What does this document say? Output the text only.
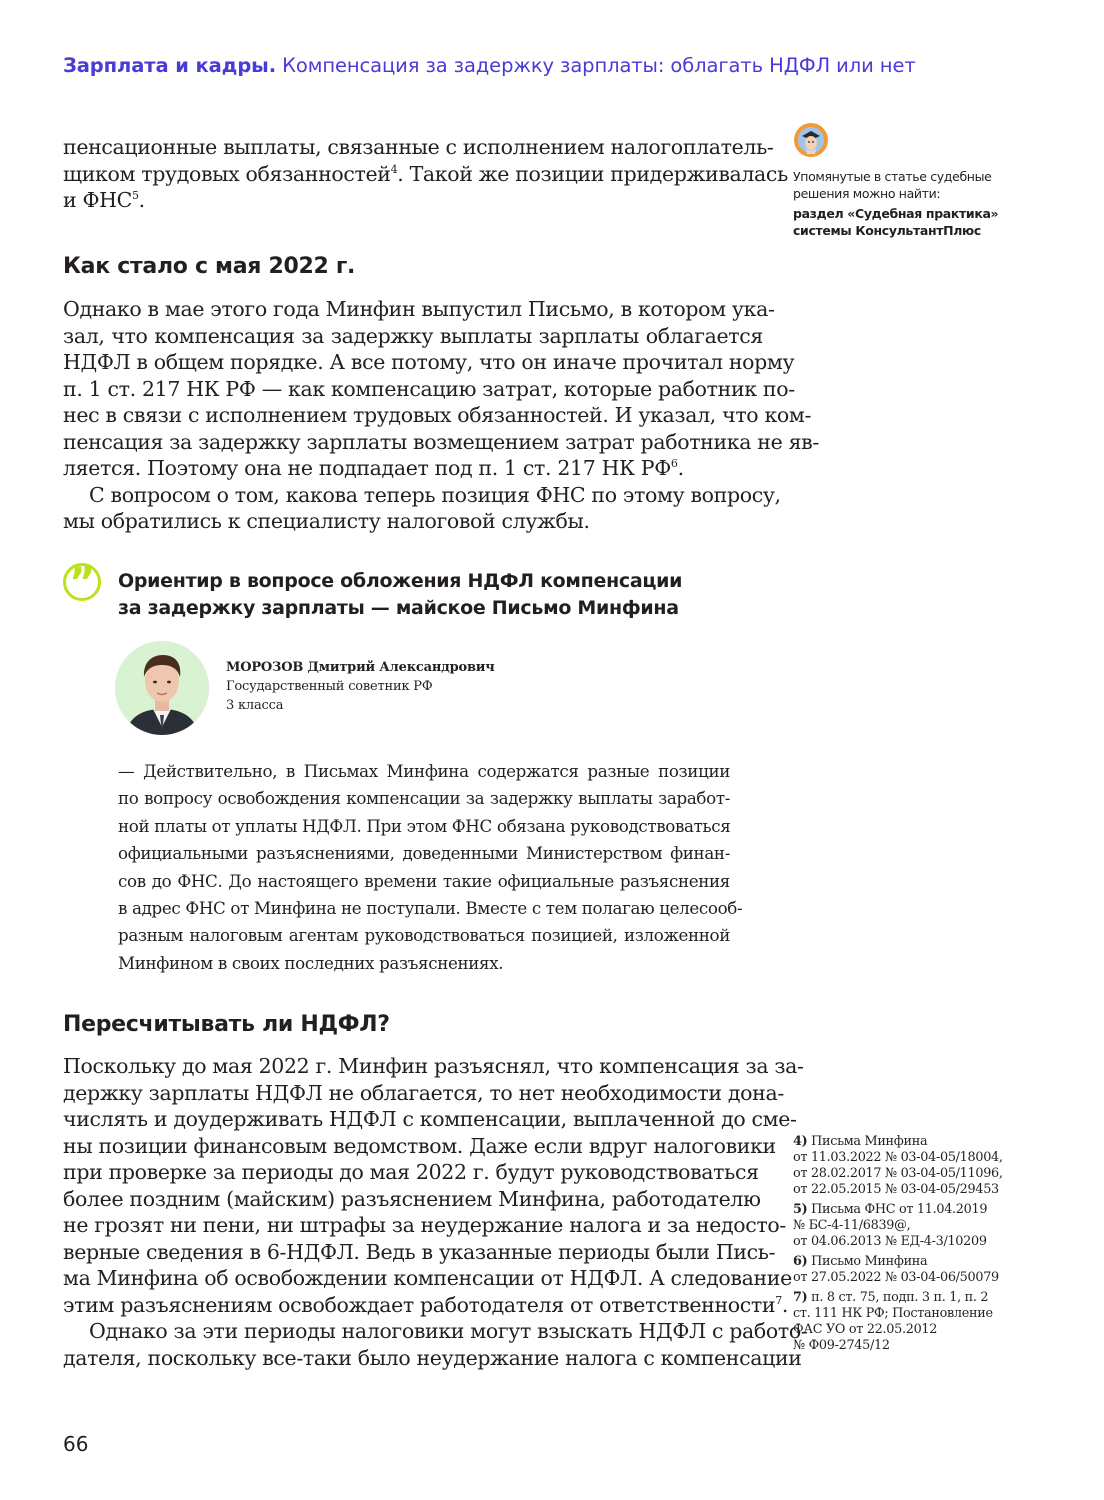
Зарплата и кадры. Компенсация за задержку зарплаты: облагать НДФЛ или нет
пенсационные выплаты, связанные с исполнением налогоплатель-
щиком трудовых обязанностей$^4$. Такой же позиции придерживалась
и ФНС$^5$.
Как стало с мая 2022 г.
Однако в мае этого года Минфин выпустил Письмо, в котором ука-
зал, что компенсация за задержку выплаты зарплаты облагается
НДФЛ в общем порядке. А все потому, что он иначе прочитал норму
п. 1 ст. 217 НК РФ — как компенсацию затрат, которые работник по-
нес в связи с исполнением трудовых обязанностей. И указал, что ком-
пенсация за задержку зарплаты возмещением затрат работника не яв-
ляется. Поэтому она не подпадает под п. 1 ст. 217 НК $РФ^6$.
С вопросом о том, какова теперь позиция ФНС по этому вопросу,
мы обратились к специалисту налоговой службы.
” Ориентир в вопросе обложения НДФЛ компенсации
за задержку зарплаты — майское Письмо Минфина
МОРОЗОВ Дмитрий Александрович
Государственный советник РФ
3 класса
— Действительно, в Письмах Минфина содержатся разные позиции
по вопросу освобождения компенсации за задержку выплаты заработ-
ной платы от уплаты НДФЛ. При этом ФНС обязана руководствоваться
официальными разъяснениями, доведенными Министерством финан-
сов до ФНС. До настоящего времени такие официальные разъяснения
в адрес ФНС от Минфина не поступали. Вместе с тем полагаю целесооб-
разным налоговым агентам руководствоваться позицией, изложенной
Минфином в своих последних разъяснениях.
Пересчитывать ли НДФЛ?
Поскольку до мая 2022 г. Минфин разъяснял, что компенсация за за-
держку зарплаты НДФЛ не облагается, то нет необходимости дона-
числять и доудерживать НДФЛ с компенсации, выплаченной до сме-
ны позиции финансовым ведомством. Даже если вдруг налоговики
при проверке за периоды до мая 2022 г. будут руководствоваться
более поздним (майским) разъяснением Минфина, работодателю
не грозят ни пени, ни штрафы за неудержание налога и за недосто-
верные сведения в 6-НДФЛ. Ведь в указанные периоды были Пись-
ма Минфина об освобождении компенсации от НДФЛ. А следование
этим разъяснениям освобождает работодателя от ответственности$^7$.
Однако за эти периоды налоговики могут взыскать НДФЛ с работо-
дателя, поскольку все-таки было неудержание налога с компенсации
Упомянутые в статье судебные
решения можно найти:
раздел «Судебная практика»
системы КонсультантПлюс
4) Письма Минфина
от 11.03.2022 № 03-04-05/18004,
от 28.02.2017 № 03-04-05/11096,
от 22.05.2015 № 03-04-05/29453
5) Письма ФНС от 11.04.2019
№ БС-4-11/6839@,
от 04.06.2013 № ЕД-4-3/10209
6) Письмо Минфина
от 27.05.2022 № 03-04-06/50079
7) п. 8 ст. 75, подп. 3 п. 1, п. 2
ст. 111 НК РФ; Постановление
ФАС УО от 22.05.2012
№ Ф09-2745/12
66
